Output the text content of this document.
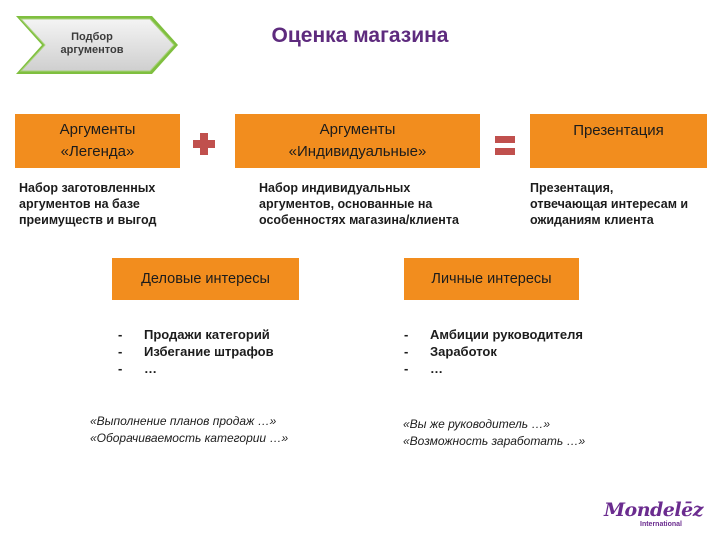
Подбор
аргументов
Оценка магазина
Аргументы
«Легенда»
Аргументы
«Индивидуальные»
Презентация
Набор заготовленных
аргументов на базе
преимуществ и выгод
Набор индивидуальных
аргументов, основанные на
особенностях магазина/клиента
Презентация,
отвечающая интересам и
ожиданиям клиента
Деловые интересы	Личные интересы
-	Продажи категорий
-	Избегание штрафов
-	…
-	Амбиции руководителя
-	Заработок
-	…
«Выполнение планов продаж …»
«Оборачиваемость категории …»
«Вы же руководитель …»
«Возможность заработать …»
Mondelēz
International
